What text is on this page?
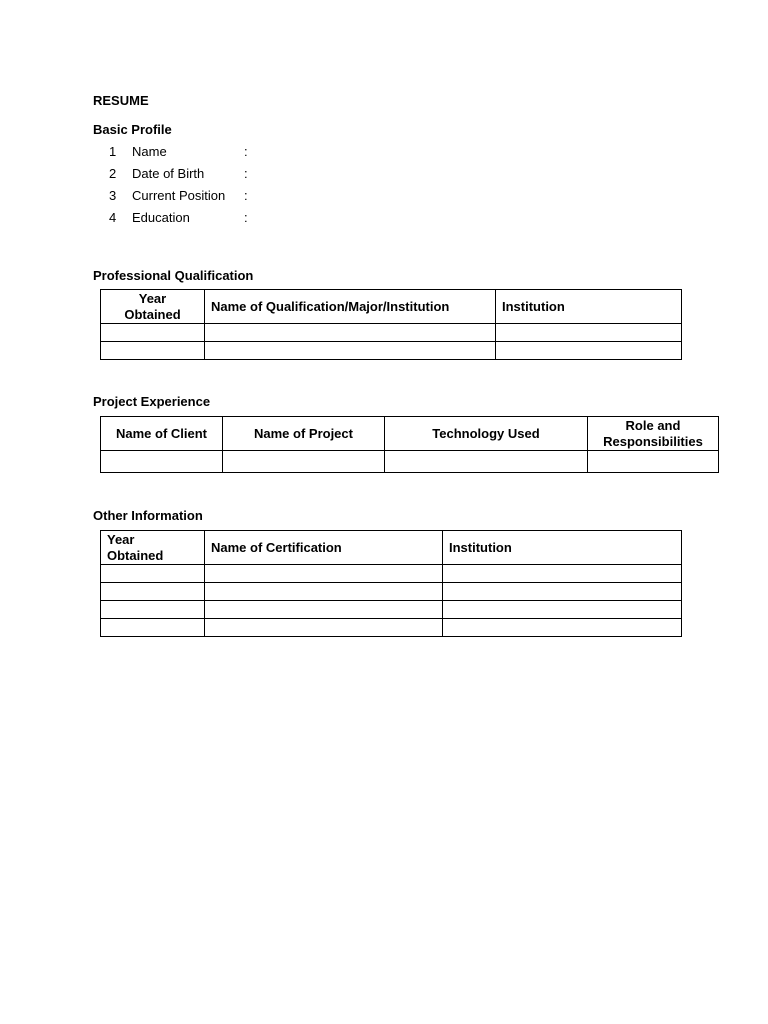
RESUME
Basic Profile
1 Name	:
2 Date of Birth	:
3 Current Position :
4 Education	:
Professional Qualification
Year
Obtained	Name of Qualification/Major/Institution	Institution

Project Experience
Name of Client	Name of Project	Technology Used	Role and
Responsibilities

Other Information
Year
Obtained	Name of Certification	Institution
